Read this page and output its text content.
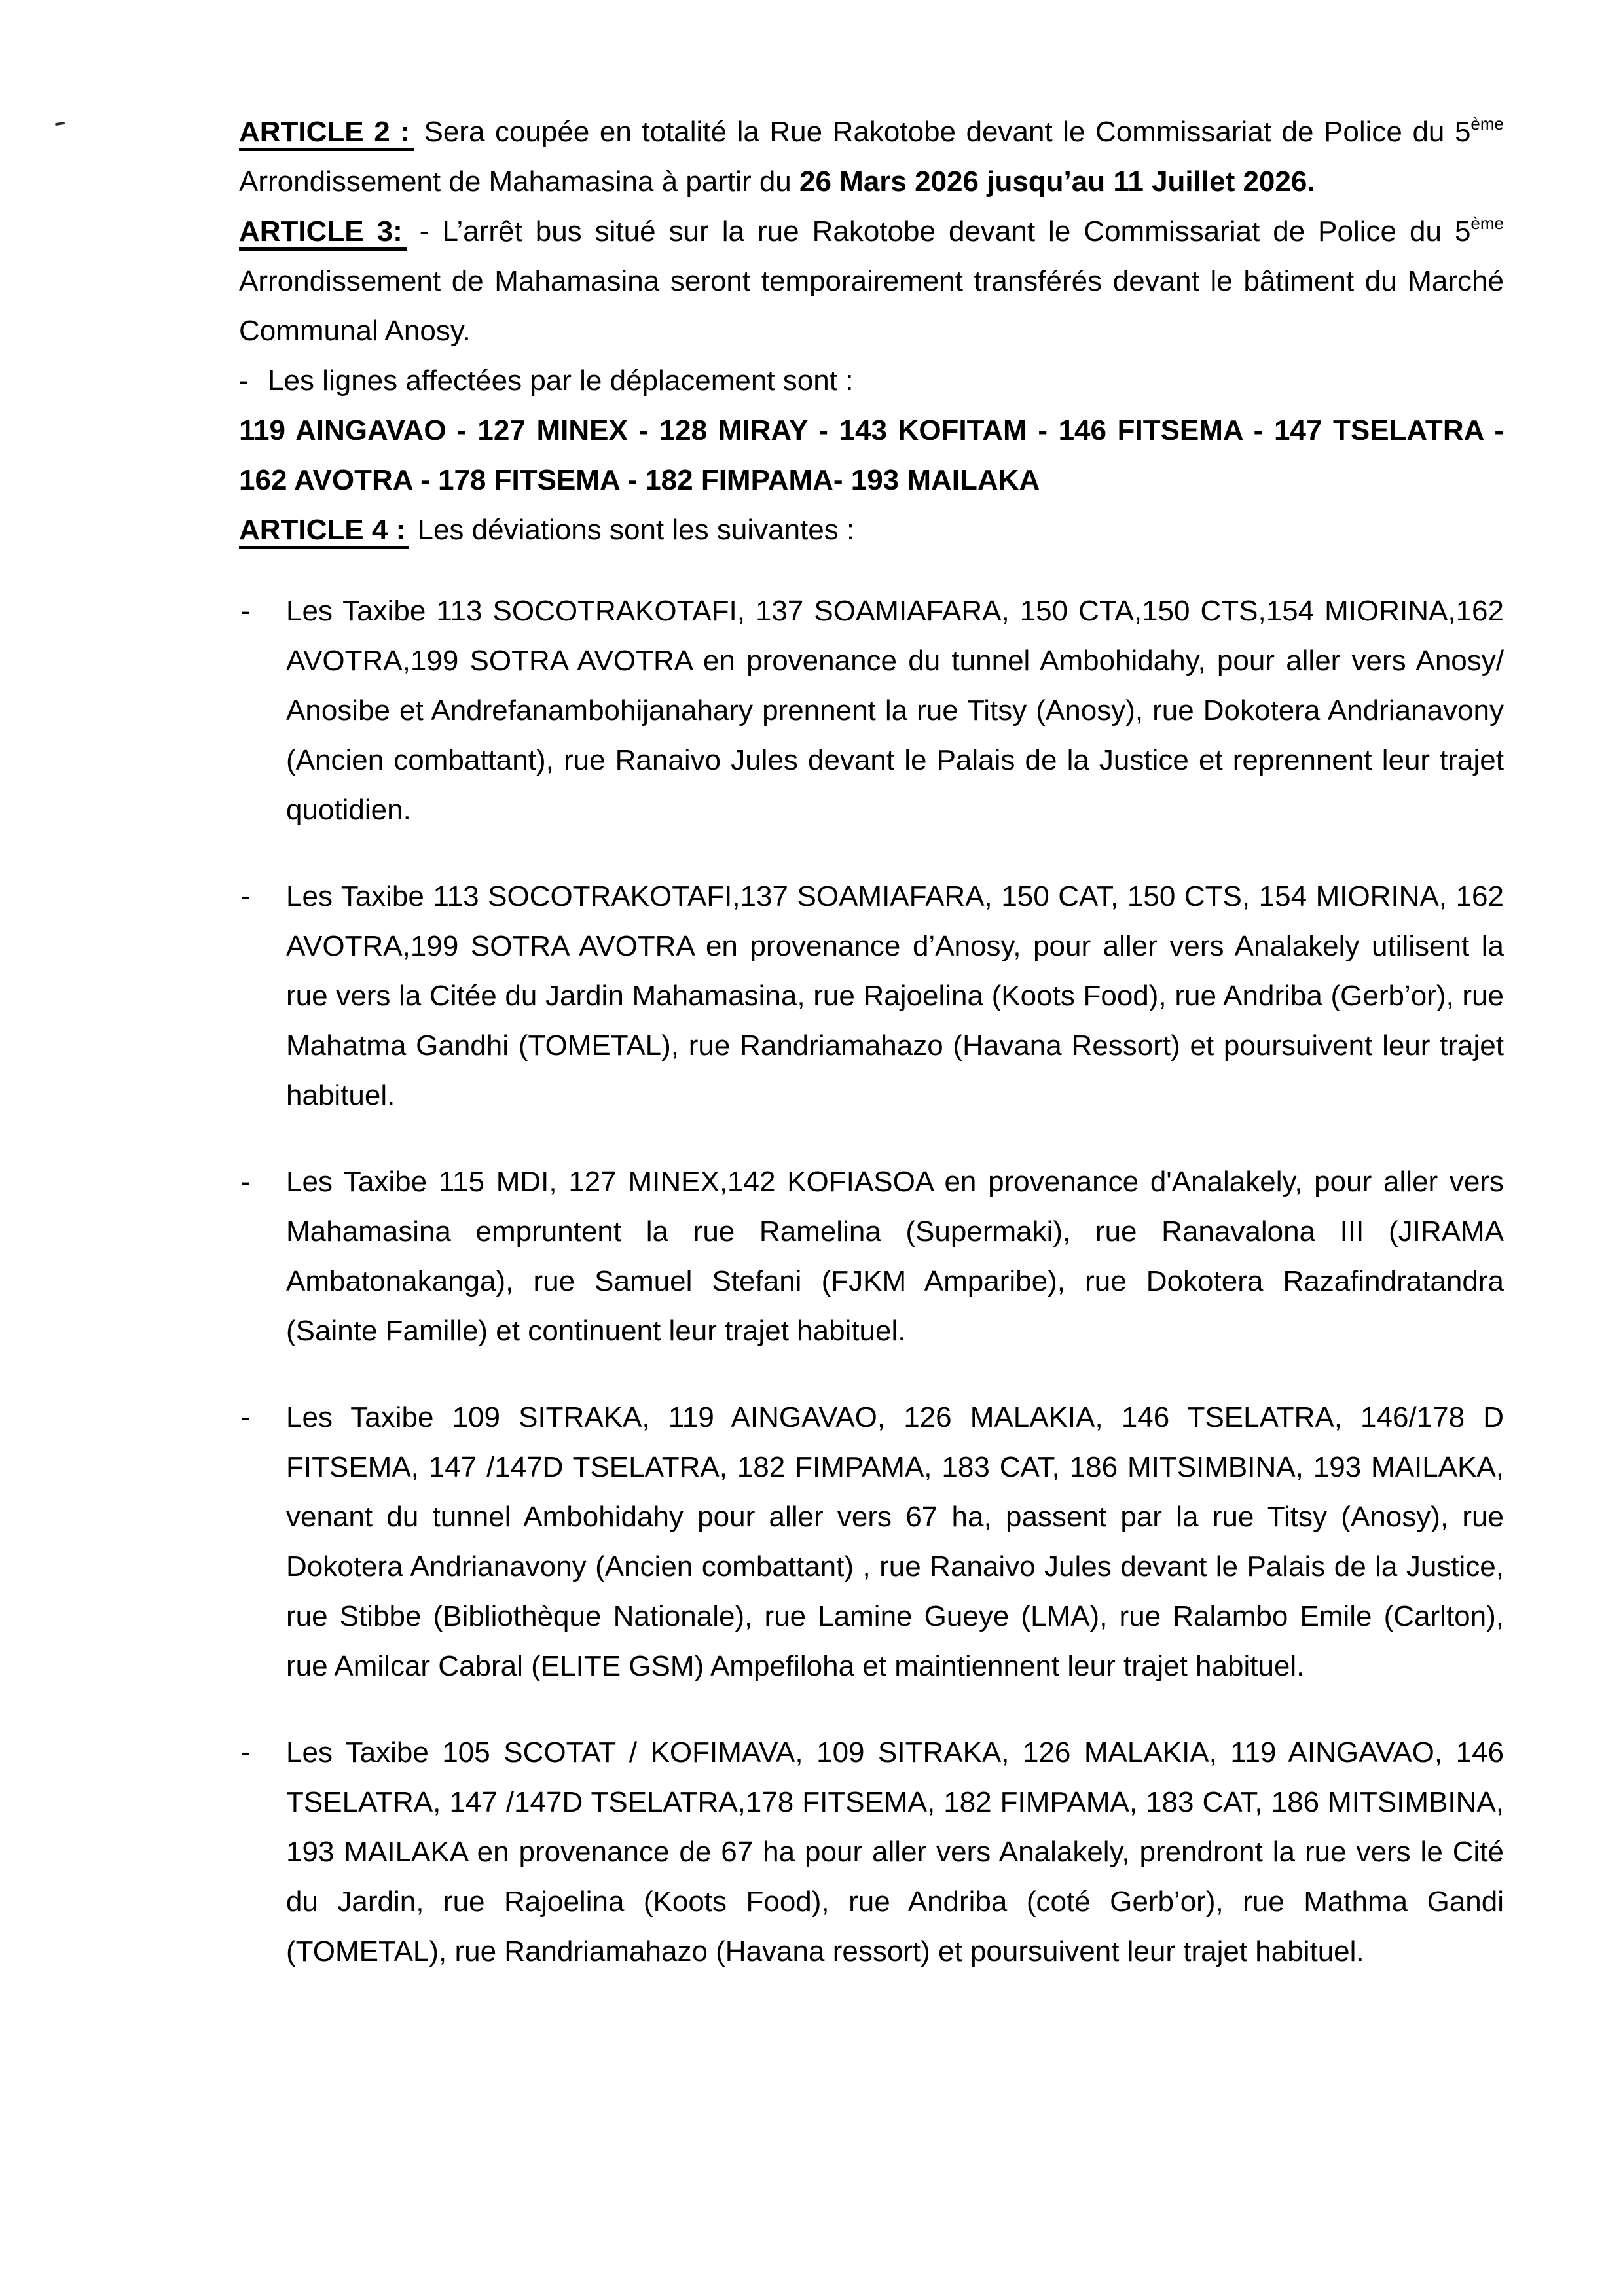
ARTICLE 2 : Sera coupée en totalité la Rue Rakotobe devant le Commissariat de Police du 5ème Arrondissement de Mahamasina à partir du 26 Mars 2026 jusqu’au 11 Juillet 2026.

ARTICLE 3: - L’arrêt bus situé sur la rue Rakotobe devant le Commissariat de Police du 5ème Arrondissement de Mahamasina seront temporairement transférés devant le bâtiment du Marché Communal Anosy.

- Les lignes affectées par le déplacement sont :

119 AINGAVAO - 127 MINEX - 128 MIRAY - 143 KOFITAM - 146 FITSEMA - 147 TSELATRA - 162 AVOTRA - 178 FITSEMA - 182 FIMPAMA- 193 MAILAKA

ARTICLE 4 : Les déviations sont les suivantes :

- Les Taxibe 113 SOCOTRAKOTAFI, 137 SOAMIAFARA, 150 CTA,150 CTS,154 MIORINA,162 AVOTRA,199 SOTRA AVOTRA en provenance du tunnel Ambohidahy, pour aller vers Anosy/ Anosibe et Andrefanambohijanahary prennent la rue Titsy (Anosy), rue Dokotera Andrianavony (Ancien combattant), rue Ranaivo Jules devant le Palais de la Justice et reprennent leur trajet quotidien.
- Les Taxibe 113 SOCOTRAKOTAFI,137 SOAMIAFARA, 150 CAT, 150 CTS, 154 MIORINA, 162 AVOTRA,199 SOTRA AVOTRA en provenance d’Anosy, pour aller vers Analakely utilisent la rue vers la Citée du Jardin Mahamasina, rue Rajoelina (Koots Food), rue Andriba (Gerb’or), rue Mahatma Gandhi (TOMETAL), rue Randriamahazo (Havana Ressort) et poursuivent leur trajet habituel.
- Les Taxibe 115 MDI, 127 MINEX,142 KOFIASOA en provenance d'Analakely, pour aller vers Mahamasina empruntent la rue Ramelina (Supermaki), rue Ranavalona III (JIRAMA Ambatonakanga), rue Samuel Stefani (FJKM Amparibe), rue Dokotera Razafindratandra (Sainte Famille) et continuent leur trajet habituel.
- Les Taxibe 109 SITRAKA, 119 AINGAVAO, 126 MALAKIA, 146 TSELATRA, 146/178 D FITSEMA, 147 /147D TSELATRA, 182 FIMPAMA, 183 CAT, 186 MITSIMBINA, 193 MAILAKA, venant du tunnel Ambohidahy pour aller vers 67 ha, passent par la rue Titsy (Anosy), rue Dokotera Andrianavony (Ancien combattant) , rue Ranaivo Jules devant le Palais de la Justice, rue Stibbe (Bibliothèque Nationale), rue Lamine Gueye (LMA), rue Ralambo Emile (Carlton), rue Amilcar Cabral (ELITE GSM) Ampefiloha et maintiennent leur trajet habituel.
- Les Taxibe 105 SCOTAT / KOFIMAVA, 109 SITRAKA, 126 MALAKIA, 119 AINGAVAO, 146 TSELATRA, 147 /147D TSELATRA,178 FITSEMA, 182 FIMPAMA, 183 CAT, 186 MITSIMBINA, 193 MAILAKA en provenance de 67 ha pour aller vers Analakely, prendront la rue vers le Cité du Jardin, rue Rajoelina (Koots Food), rue Andriba (coté Gerb’or), rue Mathma Gandi (TOMETAL), rue Randriamahazo (Havana ressort) et poursuivent leur trajet habituel.
